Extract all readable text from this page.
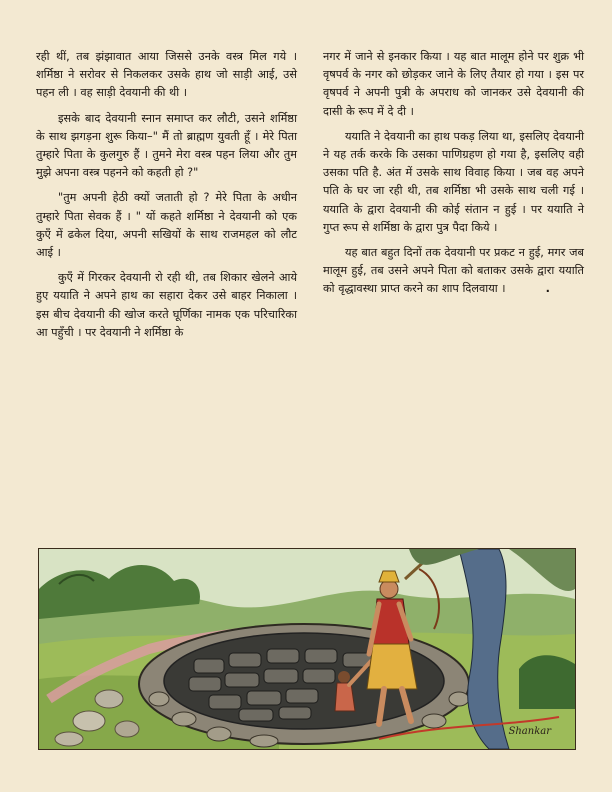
रही थीं, तब झंझावात आया जिससे उनके वस्त्र मिल गये । शर्मिष्ठा ने सरोवर से निकलकर उसके हाथ जो साड़ी आई, उसे पहन ली । वह साड़ी देवयानी की थी ।

इसके बाद देवयानी स्नान समाप्त कर लौटी, उसने शर्मिष्ठा के साथ झगड़ना शुरू किया–" मैं तो ब्राह्मण युवती हूँ । मेरे पिता तुम्हारे पिता के कुलगुरु हैं । तुमने मेरा वस्त्र पहन लिया और तुम मुझे अपना वस्त्र पहनने को कहती हो ?"

"तुम अपनी हेठी क्यों जताती हो ? मेरे पिता के अधीन तुम्हारे पिता सेवक हैं । " यों कहते शर्मिष्ठा ने देवयानी को एक कुएँ में ढकेल दिया, अपनी सखियों के साथ राजमहल को लौट आई ।

कुएँ में गिरकर देवयानी रो रही थी, तब शिकार खेलने आये हुए ययाति ने अपने हाथ का सहारा देकर उसे बाहर निकाला । इस बीच देवयानी की खोज करते घूर्णिका नामक एक परिचारिका आ पहुँची । पर देवयानी ने शर्मिष्ठा के

नगर में जाने से इनकार किया । यह बात मालूम होने पर शुक्र भी वृषपर्व के नगर को छोड़कर जाने के लिए तैयार हो गया । इस पर वृषपर्व ने अपनी पुत्री के अपराध को जानकर उसे देवयानी की दासी के रूप में दे दी ।

ययाति ने देवयानी का हाथ पकड़ लिया था, इसलिए देवयानी ने यह तर्क करके कि उसका पाणिग्रहण हो गया है, इसलिए वही उसका पति है. अंत में उसके साथ विवाह किया । जब वह अपने पति के घर जा रही थी, तब शर्मिष्ठा भी उसके साथ चली गई । ययाति के द्वारा देवयानी की कोई संतान न हुई । पर ययाति ने गुप्त रूप से शर्मिष्ठा के द्वारा पुत्र पैदा किये ।

यह बात बहुत दिनों तक देवयानी पर प्रकट न हुई, मगर जब मालूम हुई, तब उसने अपने पिता को बताकर उसके द्वारा ययाति को वृद्धावस्था प्राप्त करने का शाप दिलवाया ।	.

Shankar
